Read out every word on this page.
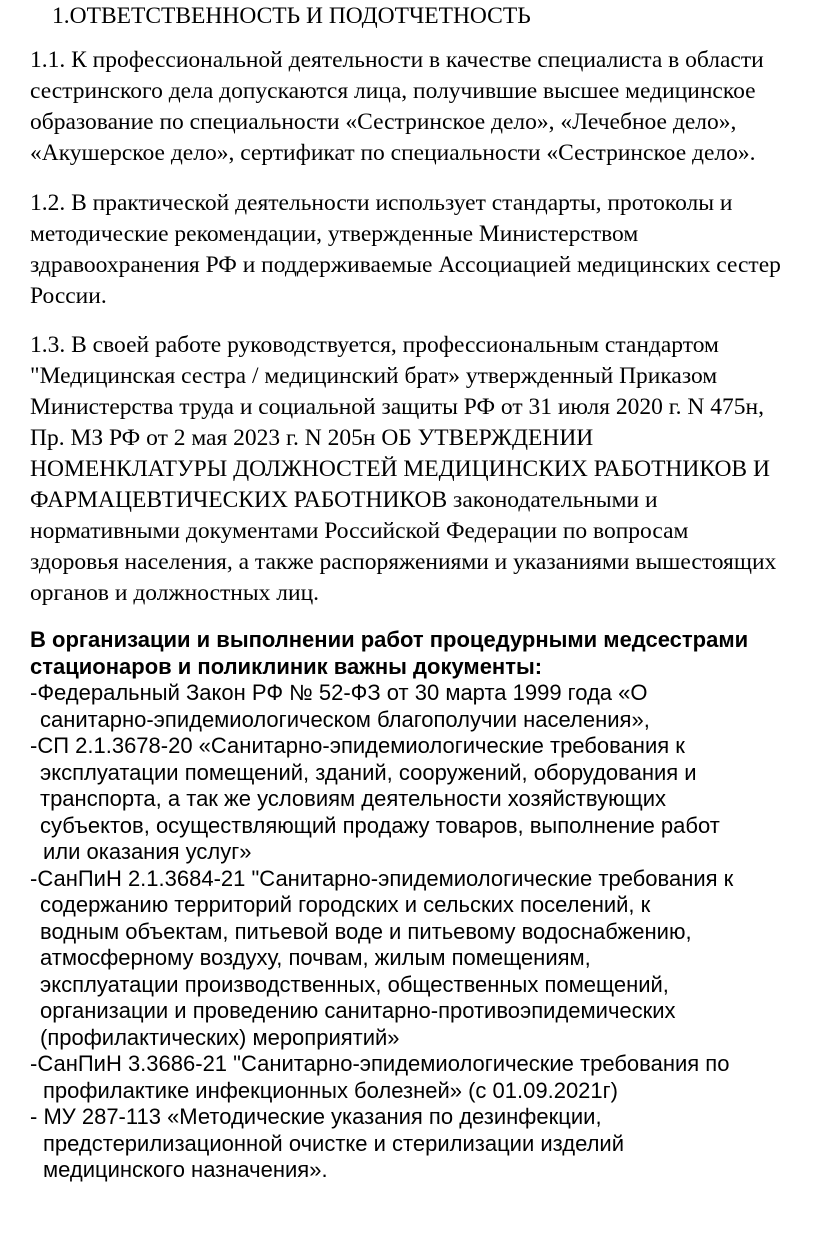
1.ОТВЕТСТВЕННОСТЬ И ПОДОТЧЕТНОСТЬ
1.1. К профессиональной деятельности в качестве специалиста в области
сестринского дела допускаются лица, получившие высшее медицинское
образование по специальности «Сестринское дело», «Лечебное дело»,
«Акушерское дело», сертификат по специальности «Сестринское дело».
1.2. В практической деятельности использует стандарты, протоколы и
методические рекомендации, утвержденные Министерством
здравоохранения РФ и поддерживаемые Ассоциацией медицинских сестер
России.
1.3. В своей работе руководствуется, профессиональным стандартом
"Медицинская сестра / медицинский брат» утвержденный Приказом
Министерства труда и социальной защиты РФ от 31 июля 2020 г. N 475н,
Пр. МЗ РФ от 2 мая 2023 г. N 205н ОБ УТВЕРЖДЕНИИ
НОМЕНКЛАТУРЫ ДОЛЖНОСТЕЙ МЕДИЦИНСКИХ РАБОТНИКОВ И
ФАРМАЦЕВТИЧЕСКИХ РАБОТНИКОВ законодательными и
нормативными документами Российской Федерации по вопросам
здоровья населения, а также распоряжениями и указаниями вышестоящих
органов и должностных лиц.
В организации и выполнении работ процедурными медсестрами
стационаров и поликлиник важны документы:
-Федеральный Закон РФ № 52-ФЗ от 30 марта 1999 года «О
санитарно-эпидемиологическом благополучии населения»,
-СП 2.1.3678-20 «Санитарно-эпидемиологические требования к
эксплуатации помещений, зданий, сооружений, оборудования и
транспорта, а так же условиям деятельности хозяйствующих
субъектов, осуществляющий продажу товаров, выполнение работ
или оказания услуг»
-СанПиН 2.1.3684-21 "Санитарно-эпидемиологические требования к
содержанию территорий городских и сельских поселений, к
водным объектам, питьевой воде и питьевому водоснабжению,
атмосферному воздуху, почвам, жилым помещениям,
эксплуатации производственных, общественных помещений,
организации и проведению санитарно-противоэпидемических
(профилактических) мероприятий»
-СанПиН 3.3686-21 "Санитарно-эпидемиологические требования по
профилактике инфекционных болезней» (с 01.09.2021г)
- МУ 287-113 «Методические указания по дезинфекции,
предстерилизационной очистке и стерилизации изделий
медицинского назначения».
